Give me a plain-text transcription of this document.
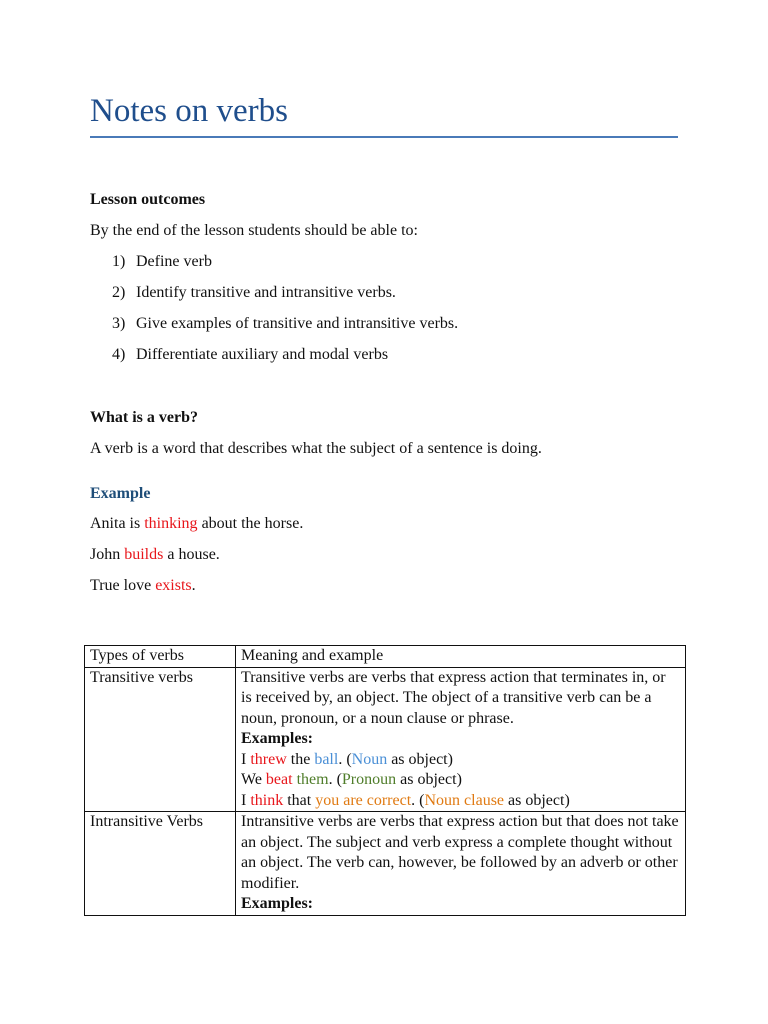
Notes on verbs
Lesson outcomes
By the end of the lesson students should be able to:
1) Define verb
2) Identify transitive and intransitive verbs.
3) Give examples of transitive and intransitive verbs.
4) Differentiate auxiliary and modal verbs
What is a verb?
A verb is a word that describes what the subject of a sentence is doing.
Example
Anita is thinking about the horse.
John builds a house.
True love exists.
Types of verbs	Meaning and example
Transitive verbs	Transitive verbs are verbs that express action that terminates in, or is received by, an object. The object of a transitive verb can be a noun, pronoun, or a noun clause or phrase.
Examples:
I threw the ball. (Noun as object)
We beat them. (Pronoun as object)
I think that you are correct. (Noun clause as object)

Intransitive Verbs	Intransitive verbs are verbs that express action but that does not take an object. The subject and verb express a complete thought without an object. The verb can, however, be followed by an adverb or other modifier.
Examples:
